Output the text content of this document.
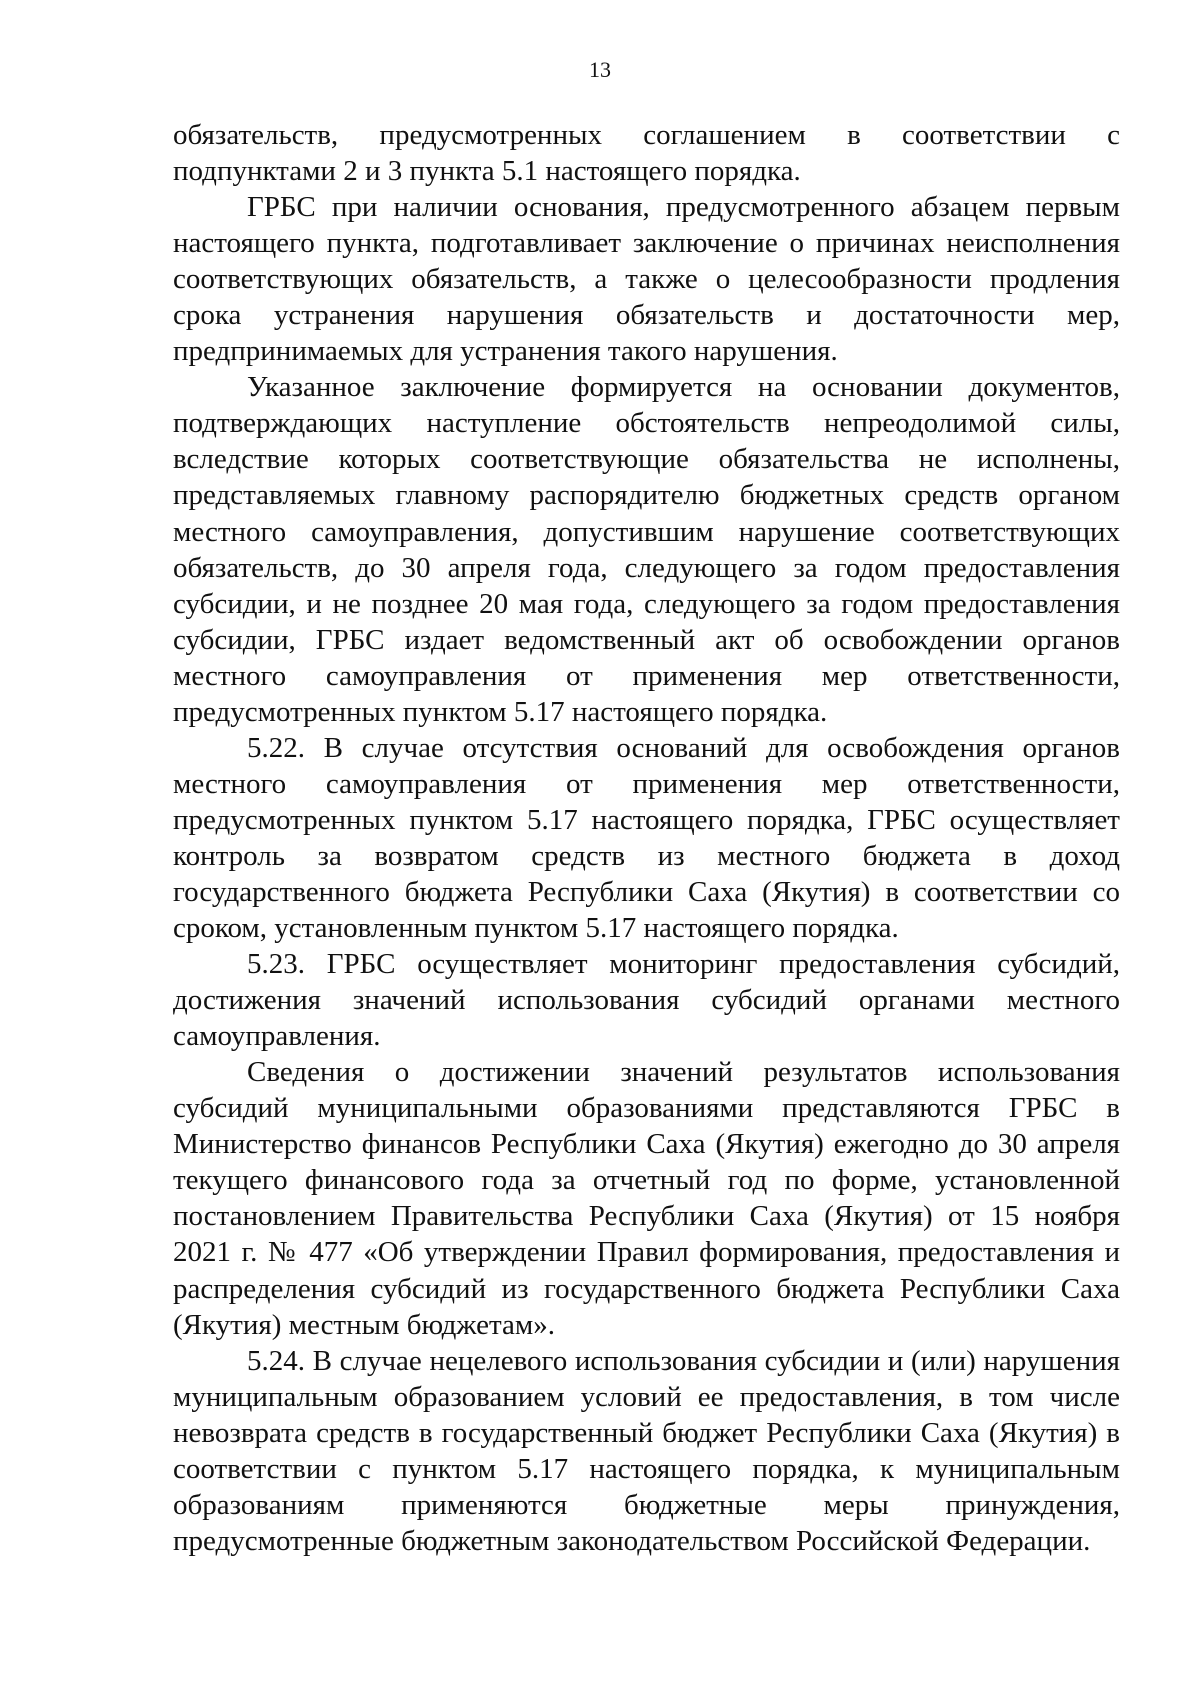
13

обязательств, предусмотренных соглашением в соответствии с подпунктами 2 и 3 пункта 5.1 настоящего порядка.

ГРБС при наличии основания, предусмотренного абзацем первым настоящего пункта, подготавливает заключение о причинах неисполнения соответствующих обязательств, а также о целесообразности продления срока устранения нарушения обязательств и достаточности мер, предпринимаемых для устранения такого нарушения.

Указанное заключение формируется на основании документов, подтверждающих наступление обстоятельств непреодолимой силы, вследствие которых соответствующие обязательства не исполнены, представляемых главному распорядителю бюджетных средств органом местного самоуправления, допустившим нарушение соответствующих обязательств, до 30 апреля года, следующего за годом предоставления субсидии, и не позднее 20 мая года, следующего за годом предоставления субсидии, ГРБС издает ведомственный акт об освобождении органов местного самоуправления от применения мер ответственности, предусмотренных пунктом 5.17 настоящего порядка.

5.22. В случае отсутствия оснований для освобождения органов местного самоуправления от применения мер ответственности, предусмотренных пунктом 5.17 настоящего порядка, ГРБС осуществляет контроль за возвратом средств из местного бюджета в доход государственного бюджета Республики Саха (Якутия) в соответствии со сроком, установленным пунктом 5.17 настоящего порядка.

5.23. ГРБС осуществляет мониторинг предоставления субсидий, достижения значений использования субсидий органами местного самоуправления.

Сведения о достижении значений результатов использования субсидий муниципальными образованиями представляются ГРБС в Министерство финансов Республики Саха (Якутия) ежегодно до 30 апреля текущего финансового года за отчетный год по форме, установленной постановлением Правительства Республики Саха (Якутия) от 15 ноября 2021 г. № 477 «Об утверждении Правил формирования, предоставления и распределения субсидий из государственного бюджета Республики Саха (Якутия) местным бюджетам».

5.24. В случае нецелевого использования субсидии и (или) нарушения муниципальным образованием условий ее предоставления, в том числе невозврата средств в государственный бюджет Республики Саха (Якутия) в соответствии с пунктом 5.17 настоящего порядка, к муниципальным образованиям применяются бюджетные меры принуждения, предусмотренные бюджетным законодательством Российской Федерации.
